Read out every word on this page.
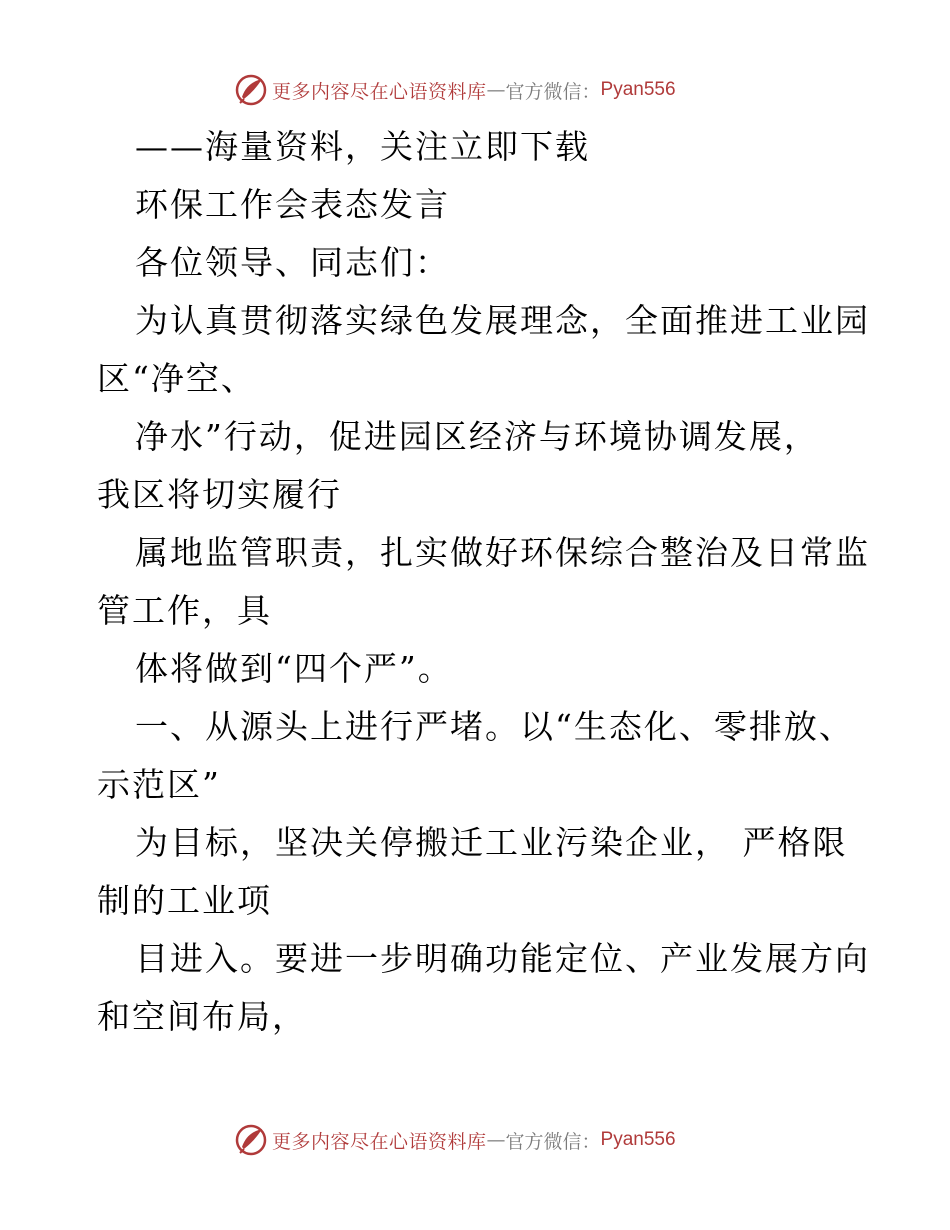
更多内容尽在心语资料库 — 官方微信： Pyan556
——海量资料，关注立即下载
环保工作会表态发言
各位领导、同志们：
为认真贯彻落实绿色发展理念，全面推进工业园
区“净空、
净水”行动，促进园区经济与环境协调发展，
我区将切实履行
属地监管职责，扎实做好环保综合整治及日常监
管工作，具
体将做到“四个严”。
一、从源头上进行严堵。以“生态化、零排放、
示范区”
为目标，坚决关停搬迁工业污染企业， 严格限
制的工业项
目进入。要进一步明确功能定位、产业发展方向
和空间布局，
更多内容尽在心语资料库 — 官方微信： Pyan556
